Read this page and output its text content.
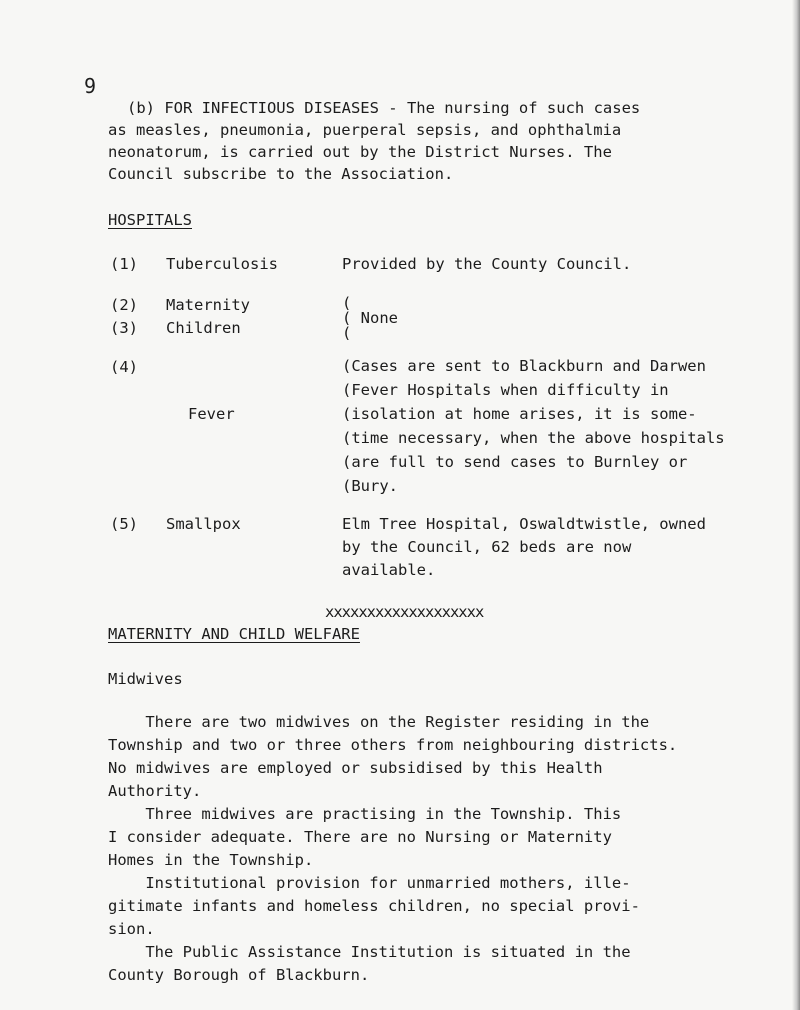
9
(b) FOR INFECTIOUS DISEASES - The nursing of such cases
as measles, pneumonia, puerperal sepsis, and ophthalmia
neonatorum, is carried out by the District Nurses. The
Council subscribe to the Association.
HOSPITALS
(1) Tuberculosis	Provided by the County Council.
(2) Maternity	(
( None
(3) Children	(
(4)
Fever
(Cases are sent to Blackburn and Darwen
(Fever Hospitals when difficulty in
(isolation at home arises, it is some-
(time necessary, when the above hospitals
(are full to send cases to Burnley or
(Bury.
(5) Smallpox	Elm Tree Hospital, Oswaldtwistle, owned
by the Council, 62 beds are now
available.
xxxxxxxxxxxxxxxxxxx
MATERNITY AND CHILD WELFARE
Midwives
There are two midwives on the Register residing in the
Township and two or three others from neighbouring districts.
No midwives are employed or subsidised by this Health
Authority.
Three midwives are practising in the Township. This
I consider adequate. There are no Nursing or Maternity
Homes in the Township.
Institutional provision for unmarried mothers, ille-
gitimate infants and homeless children, no special provi-
sion.
The Public Assistance Institution is situated in the
County Borough of Blackburn.
